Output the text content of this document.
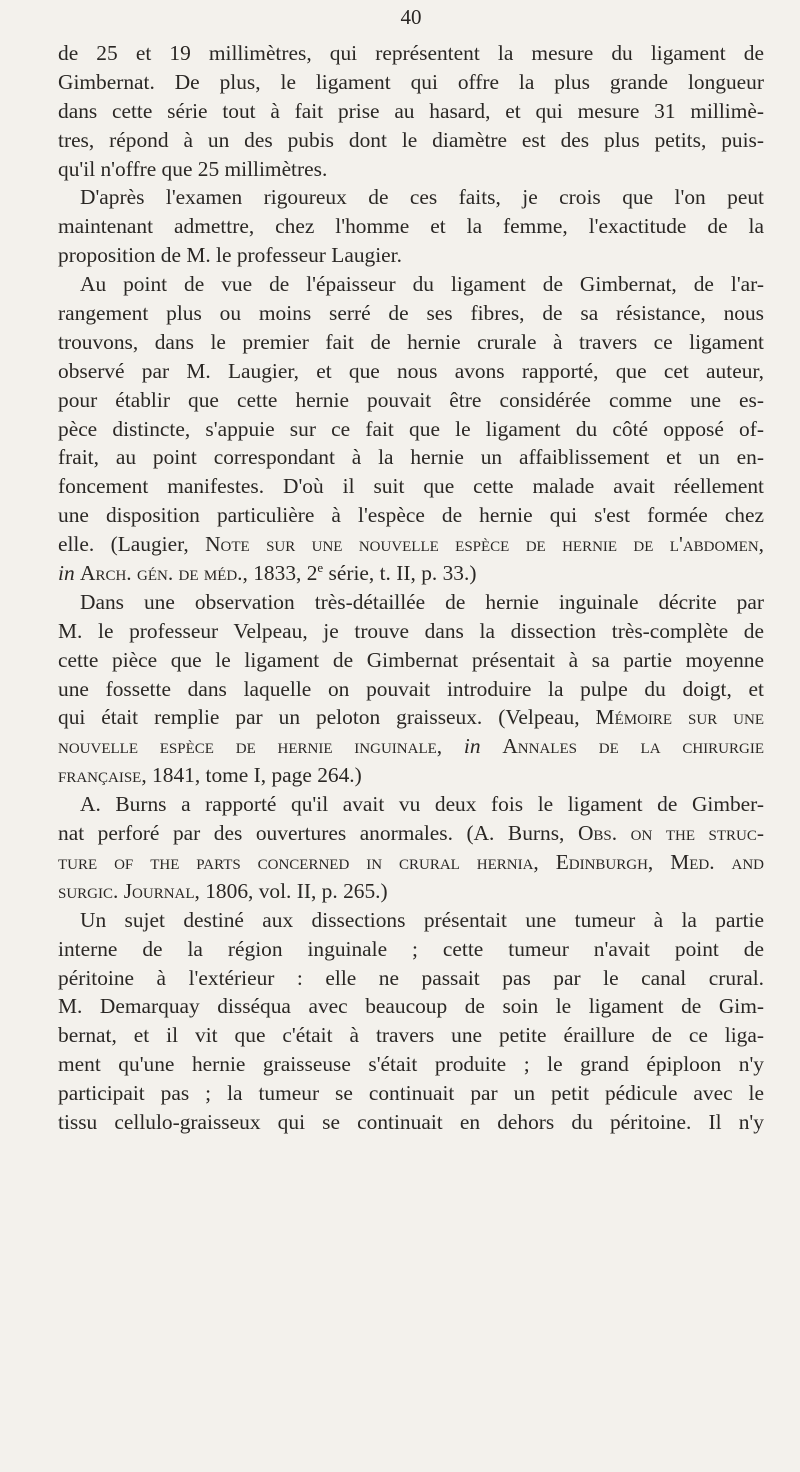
40
de 25 et 19 millimètres, qui représentent la mesure du ligament de
Gimbernat. De plus, le ligament qui offre la plus grande longueur
dans cette série tout à fait prise au hasard, et qui mesure 31 millimè-
tres, répond à un des pubis dont le diamètre est des plus petits, puis-
qu'il n'offre que 25 millimètres.
D'après l'examen rigoureux de ces faits, je crois que l'on peut
maintenant admettre, chez l'homme et la femme, l'exactitude de la
proposition de M. le professeur Laugier.
Au point de vue de l'épaisseur du ligament de Gimbernat, de l'ar-
rangement plus ou moins serré de ses fibres, de sa résistance, nous
trouvons, dans le premier fait de hernie crurale à travers ce ligament
observé par M. Laugier, et que nous avons rapporté, que cet auteur,
pour établir que cette hernie pouvait être considérée comme une es-
pèce distincte, s'appuie sur ce fait que le ligament du côté opposé of-
frait, au point correspondant à la hernie un affaiblissement et un en-
foncement manifestes. D'où il suit que cette malade avait réellement
une disposition particulière à l'espèce de hernie qui s'est formée chez
elle. (Laugier, Note sur une nouvelle espèce de hernie de l'abdomen,
in Arch. gén. de méd., 1833, 2e série, t. II, p. 33.)
Dans une observation très-détaillée de hernie inguinale décrite par
M. le professeur Velpeau, je trouve dans la dissection très-complète de
cette pièce que le ligament de Gimbernat présentait à sa partie moyenne
une fossette dans laquelle on pouvait introduire la pulpe du doigt, et
qui était remplie par un peloton graisseux. (Velpeau, Mémoire sur une
nouvelle espèce de hernie inguinale, in Annales de la chirurgie
française, 1841, tome I, page 264.)
A. Burns a rapporté qu'il avait vu deux fois le ligament de Gimber-
nat perforé par des ouvertures anormales. (A. Burns, Obs. on the struc-
ture of the parts concerned in crural hernia, Edinburgh, Med. and
surgic. Journal, 1806, vol. II, p. 265.)
Un sujet destiné aux dissections présentait une tumeur à la partie
interne de la région inguinale ; cette tumeur n'avait point de
péritoine à l'extérieur : elle ne passait pas par le canal crural.
M. Demarquay disséqua avec beaucoup de soin le ligament de Gim-
bernat, et il vit que c'était à travers une petite éraillure de ce liga-
ment qu'une hernie graisseuse s'était produite ; le grand épiploon n'y
participait pas ; la tumeur se continuait par un petit pédicule avec le
tissu cellulo-graisseux qui se continuait en dehors du péritoine. Il n'y
